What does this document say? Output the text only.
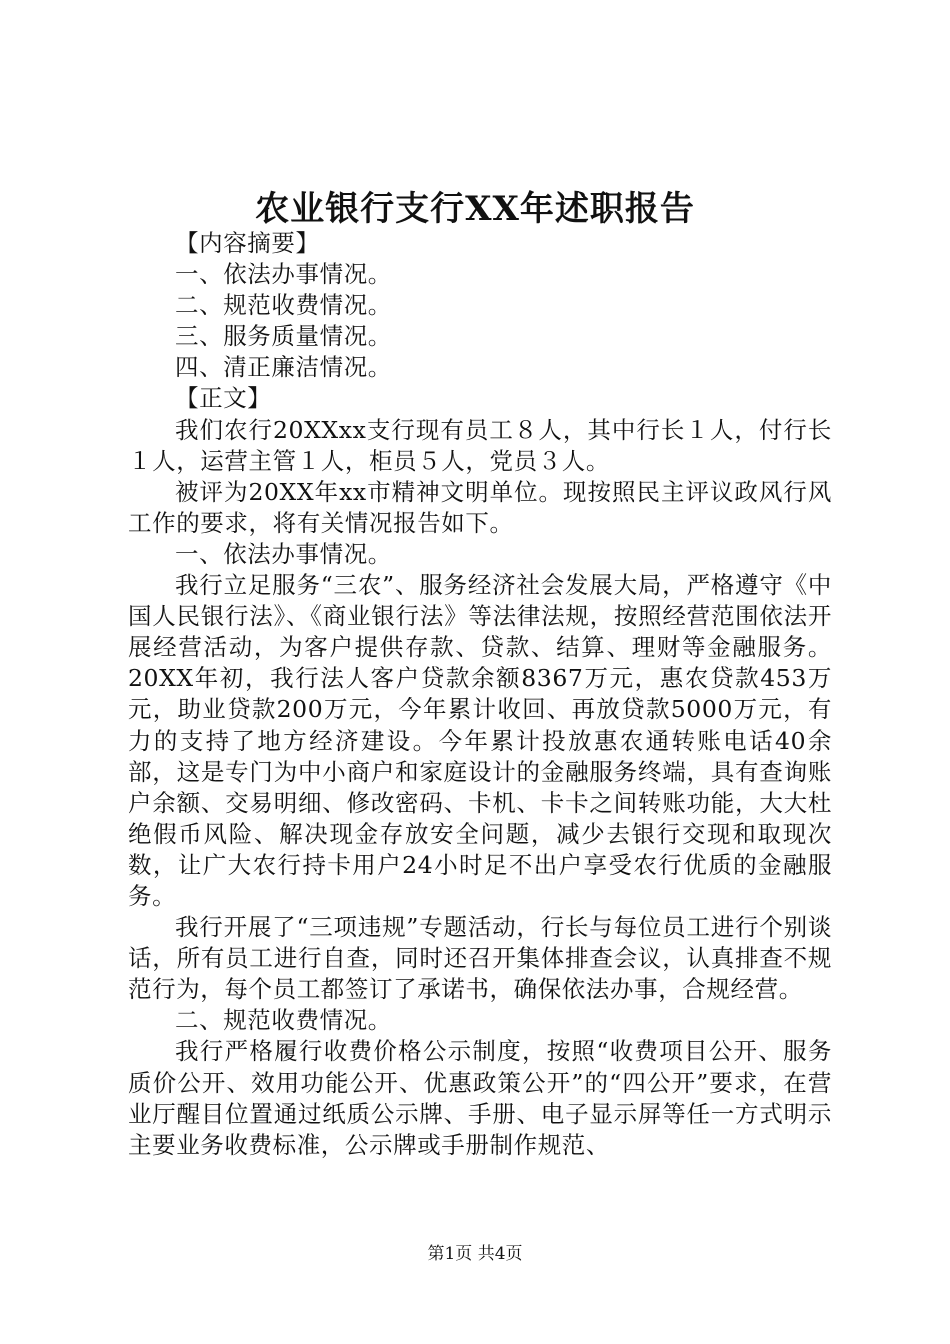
农业银行支行XX年述职报告

【内容摘要】

一、依法办事情况。

二、规范收费情况。

三、服务质量情况。

四、清正廉洁情况。

【正文】

我们农行20XXxx支行现有员工８人，其中行长１人，付行长１人，运营主管１人，柜员５人，党员３人。

被评为20XX年xx市精神文明单位。现按照民主评议政风行风工作的要求，将有关情况报告如下。

一、依法办事情况。

我行立足服务“三农”、服务经济社会发展大局，严格遵守《中国人民银行法》、《商业银行法》等法律法规，按照经营范围依法开展经营活动，为客户提供存款、贷款、结算、理财等金融服务。20XX年初，我行法人客户贷款余额8367万元，惠农贷款453万元，助业贷款200万元，今年累计收回、再放贷款5000万元，有力的支持了地方经济建设。今年累计投放惠农通转账电话40余部，这是专门为中小商户和家庭设计的金融服务终端，具有查询账户余额、交易明细、修改密码、卡机、卡卡之间转账功能，大大杜绝假币风险、解决现金存放安全问题，减少去银行交现和取现次数，让广大农行持卡用户24小时足不出户享受农行优质的金融服务。

我行开展了“三项违规”专题活动，行长与每位员工进行个别谈话，所有员工进行自查，同时还召开集体排查会议，认真排查不规范行为，每个员工都签订了承诺书，确保依法办事，合规经营。

二、规范收费情况。

我行严格履行收费价格公示制度，按照“收费项目公开、服务质价公开、效用功能公开、优惠政策公开”的“四公开”要求，在营业厅醒目位置通过纸质公示牌、手册、电子显示屏等任一方式明示主要业务收费标准，公示牌或手册制作规范、

第1页 共4页
